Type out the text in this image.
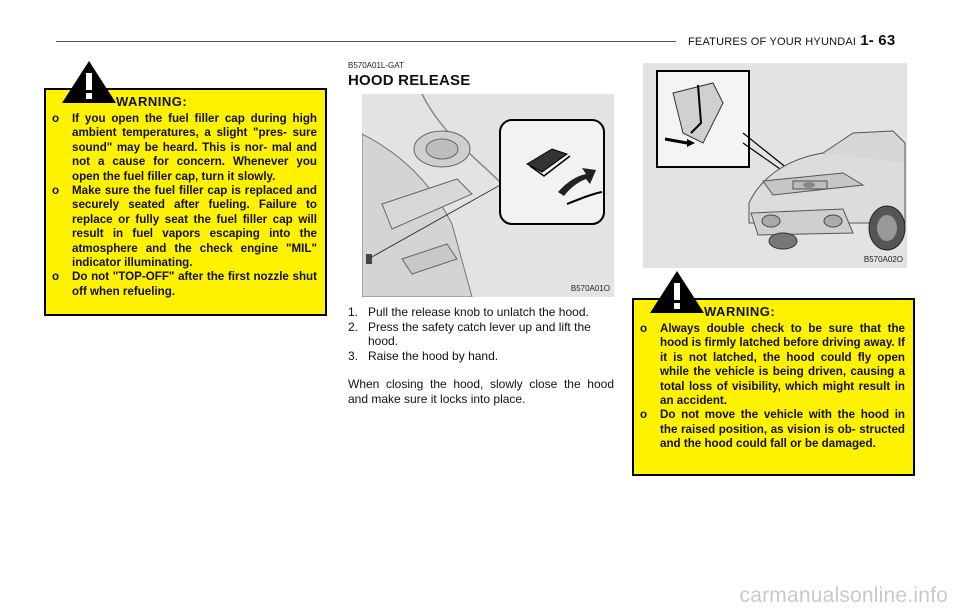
FEATURES OF YOUR HYUNDAI 1- 63
WARNING:
o	If you open the fuel filler cap during high ambient temperatures, a slight "pres- sure sound" may be heard. This is nor- mal and not a cause for concern. Whenever you open the fuel filler cap, turn it slowly.
o	Make sure the fuel filler cap is replaced and securely seated after fueling. Failure to replace or fully seat the fuel filler cap will result in fuel vapors escaping into the atmosphere and the check engine "MIL" indicator illuminating.
o	Do not "TOP-OFF" after the first nozzle shut off when refueling.
B570A01L-GAT
HOOD RELEASE
B570A01O
1. Pull the release knob to unlatch the hood.
2. Press the safety catch lever up and lift the hood.
3. Raise the hood by hand.
When closing the hood, slowly close the hood and make sure it locks into place.
B570A02O
WARNING:
o	Always double check to be sure that the hood is firmly latched before driving away. If it is not latched, the hood could fly open while the vehicle is being driven, causing a total loss of visibility, which might result in an accident.
o	Do not move the vehicle with the hood in the raised position, as vision is ob- structed and the hood could fall or be damaged.
carmanualsonline.info
